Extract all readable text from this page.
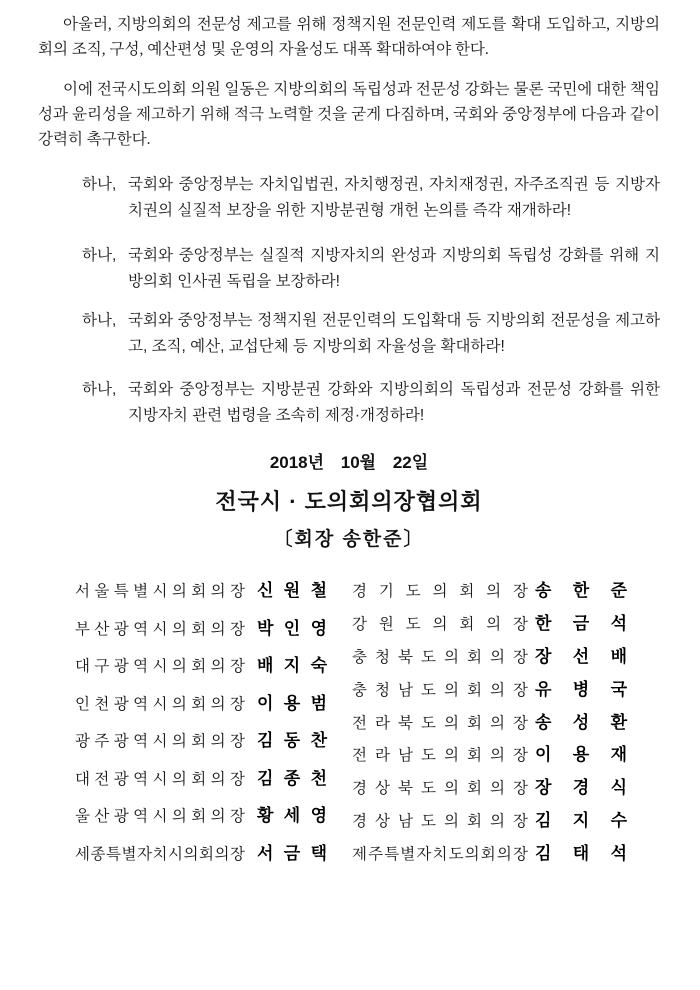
아울러, 지방의회의 전문성 제고를 위해 정책지원 전문인력 제도를 확대 도입하고, 지방의회의 조직, 구성, 예산편성 및 운영의 자율성도 대폭 확대하여야 한다.

이에 전국시도의회 의원 일동은 지방의회의 독립성과 전문성 강화는 물론 국민에 대한 책임성과 윤리성을 제고하기 위해 적극 노력할 것을 굳게 다짐하며, 국회와 중앙정부에 다음과 같이 강력히 촉구한다.

하나, 국회와 중앙정부는 자치입법권, 자치행정권, 자치재정권, 자주조직권 등 지방자치권의 실질적 보장을 위한 지방분권형 개헌 논의를 즉각 재개하라!
하나, 국회와 중앙정부는 실질적 지방자치의 완성과 지방의회 독립성 강화를 위해 지방의회 인사권 독립을 보장하라!
하나, 국회와 중앙정부는 정책지원 전문인력의 도입확대 등 지방의회 전문성을 제고하고, 조직, 예산, 교섭단체 등 지방의회 자율성을 확대하라!
하나, 국회와 중앙정부는 지방분권 강화와 지방의회의 독립성과 전문성 강화를 위한 지방자치 관련 법령을 조속히 제정·개정하라!
2018년 10월 22일
전국시 · 도의회의장협의회
〔회장 송한준〕
서 울 특 별 시 의 회 의 장 신 원 철
부 산 광 역 시 의 회 의 장 박 인 영
대 구 광 역 시 의 회 의 장 배 지 숙
인 천 광 역 시 의 회 의 장 이 용 범
광 주 광 역 시 의 회 의 장 김 동 찬
대 전 광 역 시 의 회 의 장 김 종 천
울 산 광 역 시 의 회 의 장 황 세 영
세 종 특 별 자 치 시 의 회 의 장 서 금 택
경 기 도 의 회 의 장 송 한 준
강 원 도 의 회 의 장 한 금 석
충 청 북 도 의 회 의 장 장 선 배
충 청 남 도 의 회 의 장 유 병 국
전 라 북 도 의 회 의 장 송 성 환
전 라 남 도 의 회 의 장 이 용 재
경 상 북 도 의 회 의 장 장 경 식
경 상 남 도 의 회 의 장 김 지 수
제 주 특 별 자 치 도 의 회 의 장 김 태 석
